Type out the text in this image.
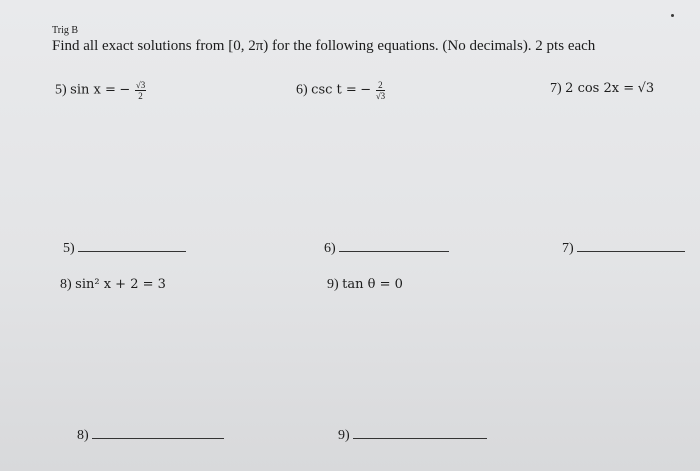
Trig B
Find all exact solutions from [0, 2π) for the following equations. (No decimals). 2 pts each
5) sin x = − $\frac{√3}{2}$	6) csc t = − $\frac{2}{√3}$	7) 2 cos 2x = √3
5)	6)	7)
8) sin² x + 2 = 3	9) tan θ = 0
8)	9)
